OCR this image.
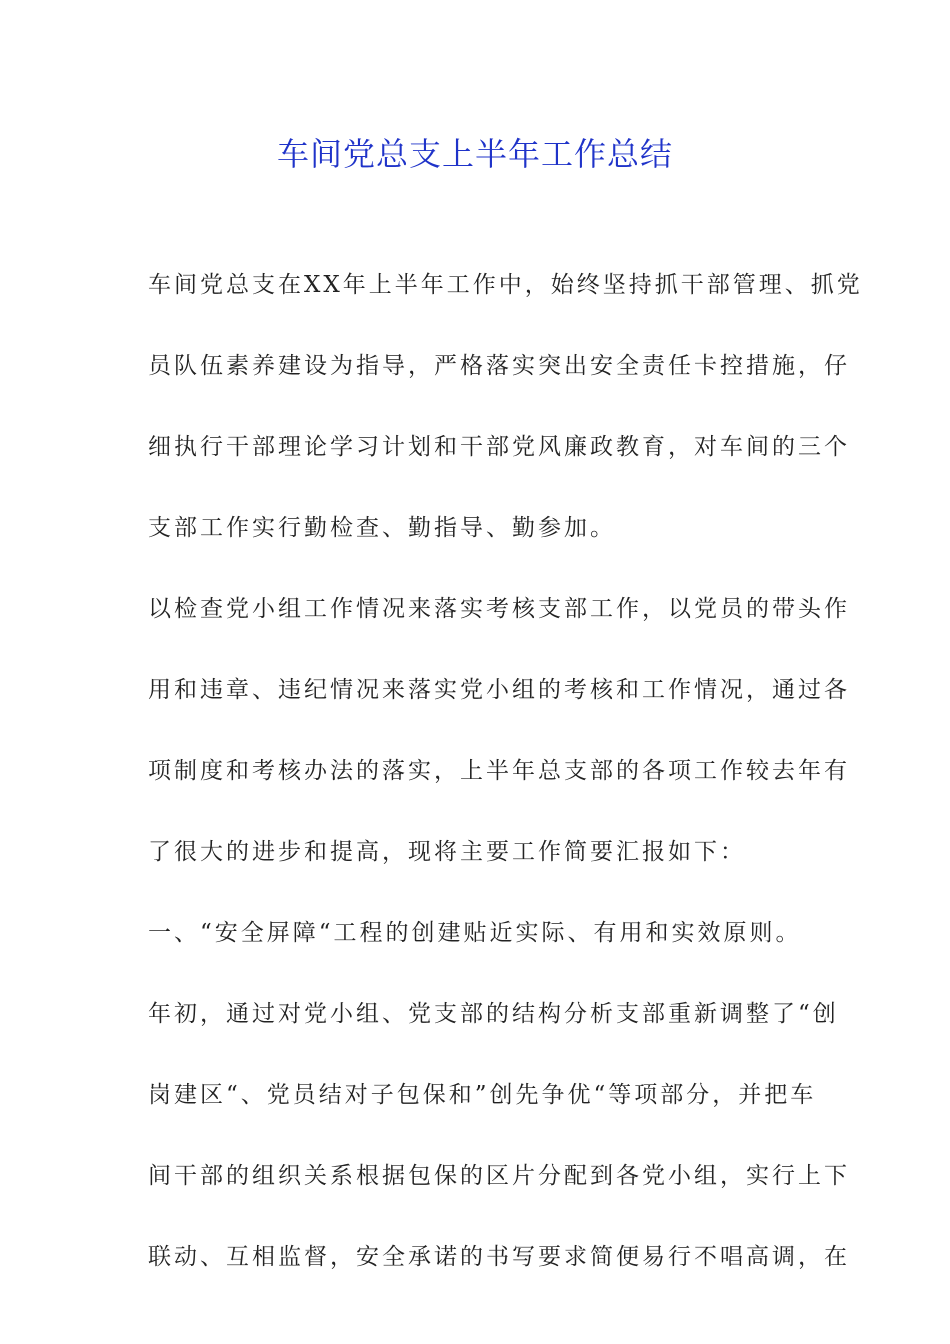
车间党总支上半年工作总结
车间党总支在XX年上半年工作中，始终坚持抓干部管理、抓党
员队伍素养建设为指导，严格落实突出安全责任卡控措施，仔
细执行干部理论学习计划和干部党风廉政教育，对车间的三个
支部工作实行勤检查、勤指导、勤参加。
以检查党小组工作情况来落实考核支部工作，以党员的带头作
用和违章、违纪情况来落实党小组的考核和工作情况，通过各
项制度和考核办法的落实，上半年总支部的各项工作较去年有
了很大的进步和提高，现将主要工作简要汇报如下：
一、“安全屏障“工程的创建贴近实际、有用和实效原则。
年初，通过对党小组、党支部的结构分析支部重新调整了“创
岗建区“、党员结对子包保和”创先争优“等项部分，并把车
间干部的组织关系根据包保的区片分配到各党小组，实行上下
联动、互相监督，安全承诺的书写要求简便易行不唱高调，在
